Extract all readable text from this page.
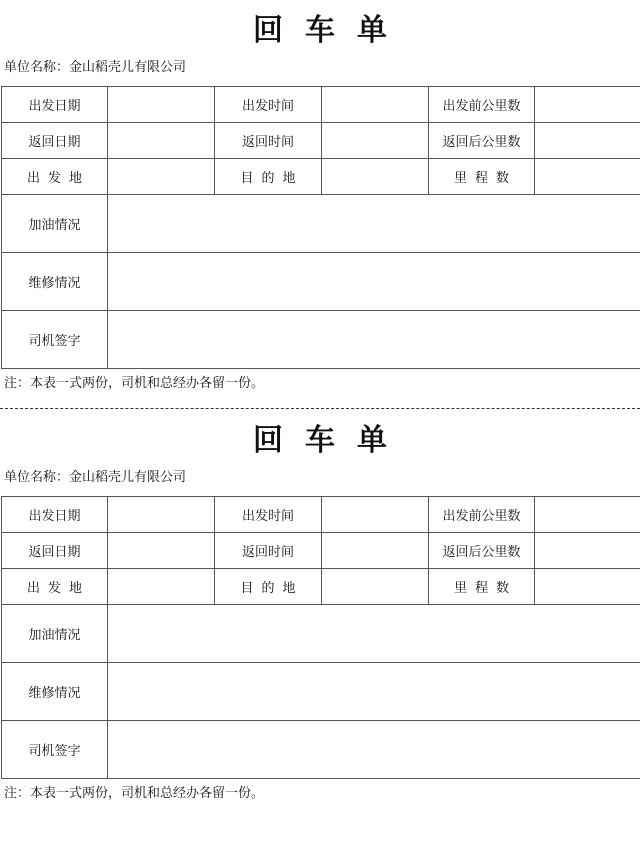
回 车 单
单位名称：金山稻壳儿有限公司
出发日期		出发时间		出发前公里数	
返回日期		返回时间		返回后公里数	
出 发 地		目 的 地		里 程 数	
加油情况					
维修情况					
司机签字					
注：本表一式两份，司机和总经办各留一份。
回 车 单
单位名称：金山稻壳儿有限公司
出发日期		出发时间		出发前公里数	
返回日期		返回时间		返回后公里数	
出 发 地		目 的 地		里 程 数	
加油情况					
维修情况					
司机签字					
注：本表一式两份，司机和总经办各留一份。
